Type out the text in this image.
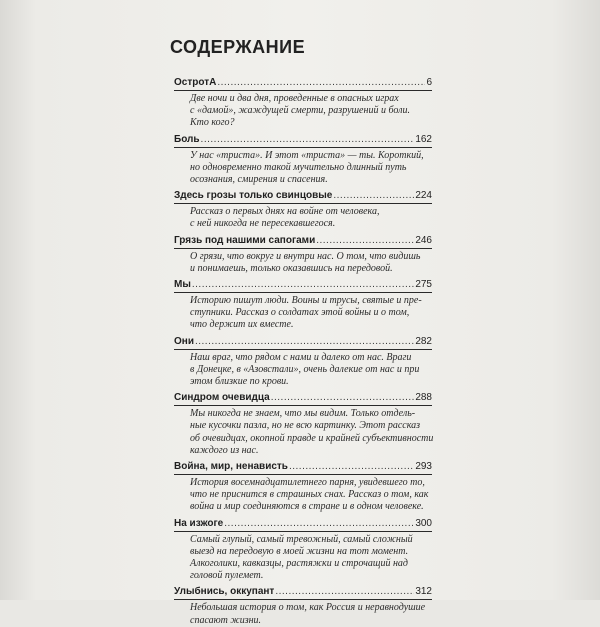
СОДЕРЖАНИЕ
ОстротА .....	6
Две ночи и два дня, проведенные в опасных играх
с «дамой», жаждущей смерти, разрушений и боли.
Кто кого?
Боль .....	162
У нас «триста». И этот «триста» — ты. Короткий,
но одновременно такой мучительно длинный путь
осознания, смирения и спасения.
Здесь грозы только свинцовые .....	224
Рассказ о первых днях на войне от человека,
с ней никогда не пересекавшегося.
Грязь под нашими сапогами .....	246
О грязи, что вокруг и внутри нас. О том, что видишь
и понимаешь, только оказавшись на передовой.
Мы .....	275
Историю пишут люди. Воины и трусы, святые и пре-
ступники. Рассказ о солдатах этой войны и о том,
что держит их вместе.
Они .....	282
Наш враг, что рядом с нами и далеко от нас. Враги
в Донецке, в «Азовстали», очень далекие от нас и при
этом близкие по крови.
Синдром очевидца .....	288
Мы никогда не знаем, что мы видим. Только отдель-
ные кусочки пазла, но не всю картинку. Этот рассказ
об очевидцах, окопной правде и крайней субъективности
каждого из нас.
Война, мир, ненависть .....	293
История восемнадцатилетнего парня, увидевшего то,
что не приснится в страшных снах. Рассказ о том, как
война и мир соединяются в стране и в одном человеке.
На изжоге .....	300
Самый глупый, самый тревожный, самый сложный
выезд на передовую в моей жизни на тот момент.
Алкоголики, кавказцы, растяжки и строчащий над
головой пулемет.
Улыбнись, оккупант .....	312
Небольшая история о том, как Россия и неравнодушие
спасают жизни.
